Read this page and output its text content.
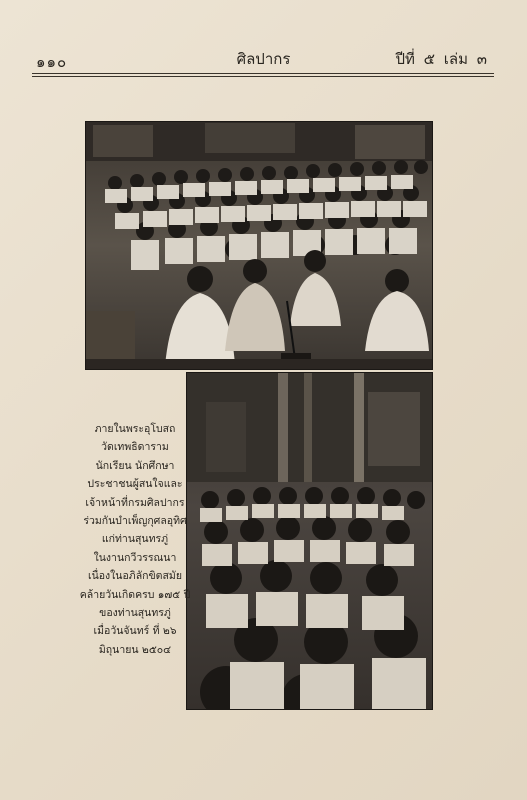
๑๑๐	ศิลปากร	ปีที่ ๕ เล่ม ๓
ภายในพระอุโบสถ
วัดเทพธิดาราม
นักเรียน นักศึกษา
ประชาชนผู้สนใจและ
เจ้าหน้าที่กรมศิลปากร
ร่วมกันบำเพ็ญกุศลอุทิศ
แก่ท่านสุนทรภู่
ในงานกวีวรรณนา
เนื่องในอภิลักขิตสมัย
คล้ายวันเกิดครบ ๑๗๕ ปี
ของท่านสุนทรภู่
เมื่อวันจันทร์ ที่ ๒๖
มิถุนายน ๒๕๐๔
